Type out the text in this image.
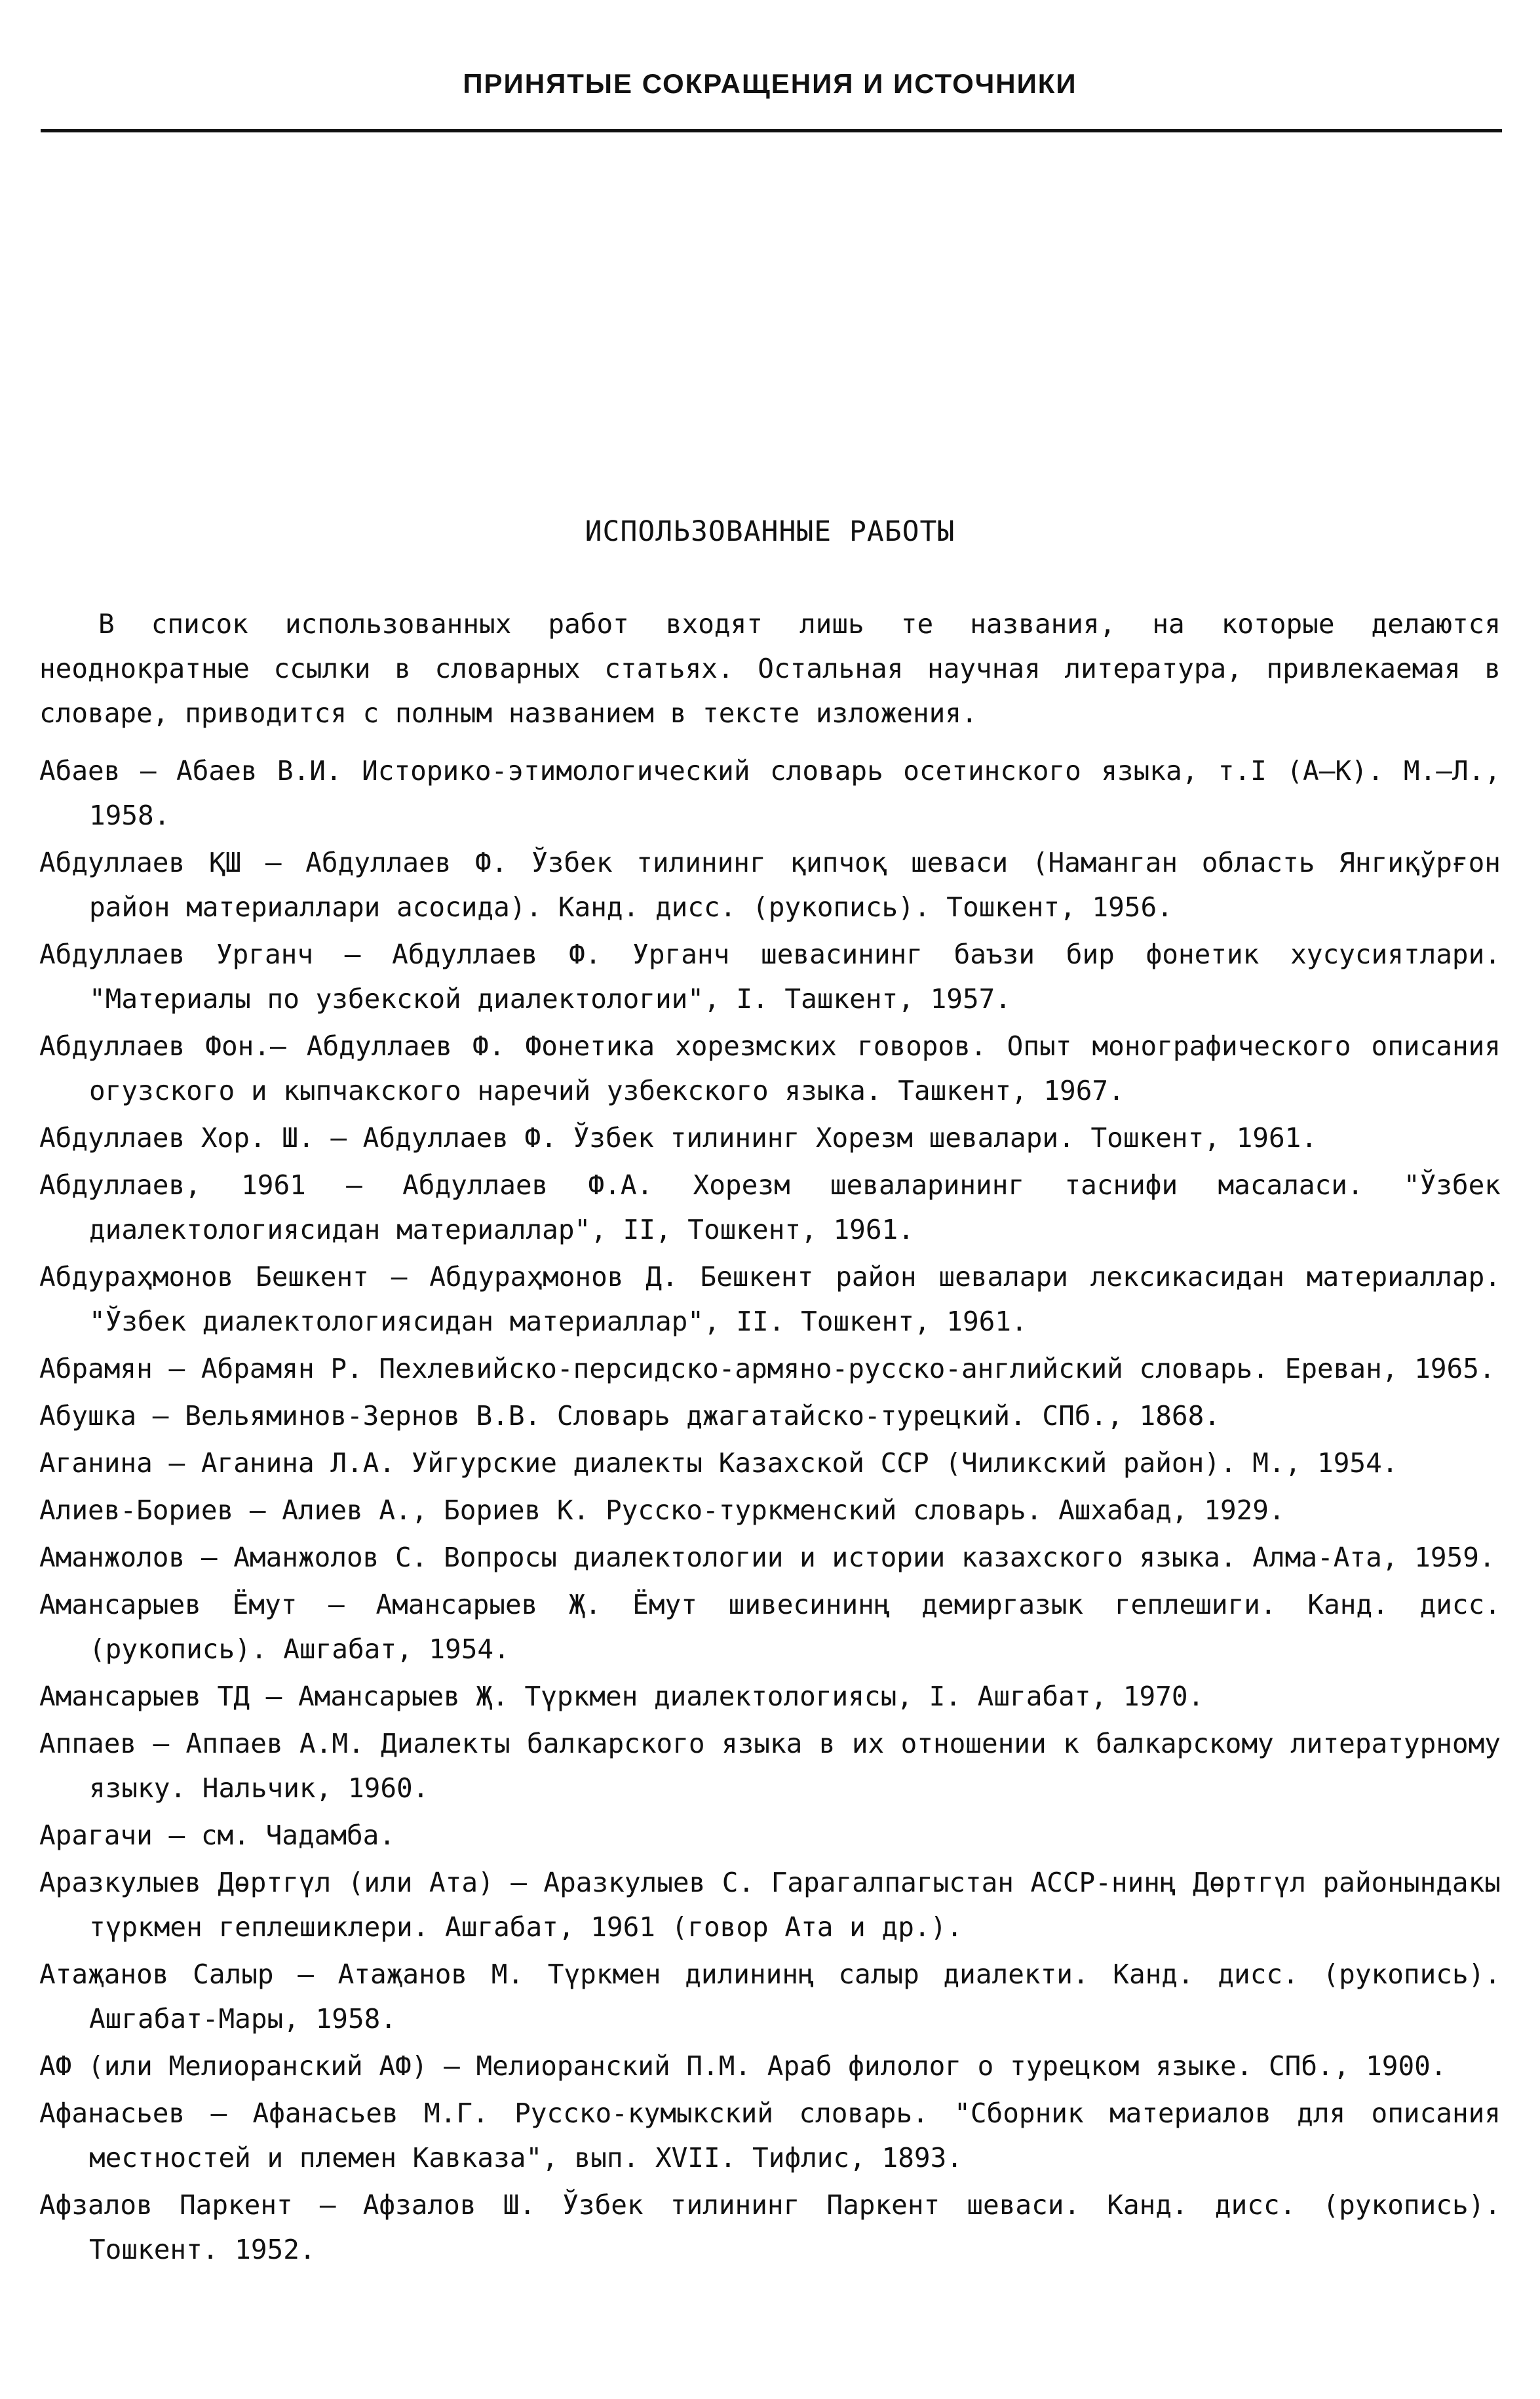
ПРИНЯТЫЕ СОКРАЩЕНИЯ И ИСТОЧНИКИ
ИСПОЛЬЗОВАННЫЕ РАБОТЫ

В список использованных работ входят лишь те названия, на которые делаются неоднократные ссылки в словарных статьях. Остальная научная литература, привлекаемая в словаре, приводится с полным названием в тексте изложения.

Абаев – Абаев В.И. Историко-этимологический словарь осетинского языка, т.I (А–К). М.–Л., 1958.
Абдуллаев ҚШ – Абдуллаев Ф. Ўзбек тилининг қипчоқ шеваси (Наманган область Янгиқўрғон район материаллари асосида). Канд. дисс. (рукопись). Тошкент, 1956.
Абдуллаев Урганч – Абдуллаев Ф. Урганч шевасининг баъзи бир фонетик хусусиятлари. "Материалы по узбекской диалектологии", I. Ташкент, 1957.
Абдуллаев Фон.– Абдуллаев Ф. Фонетика хорезмских говоров. Опыт монографического описания огузского и кыпчакского наречий узбекского языка. Ташкент, 1967.
Абдуллаев Хор. Ш. – Абдуллаев Ф. Ўзбек тилининг Хорезм шевалари. Тошкент, 1961.
Абдуллаев, 1961 – Абдуллаев Ф.А. Хорезм шеваларининг таснифи масаласи. "Ўзбек диалектологиясидан материаллар", II, Тошкент, 1961.
Абдураҳмонов Бешкент – Абдураҳмонов Д. Бешкент район шевалари лексикасидан материаллар. "Ўзбек диалектологиясидан материаллар", II. Тошкент, 1961.
Абрамян – Абрамян Р. Пехлевийско-персидско-армяно-русско-английский словарь. Ереван, 1965.
Абушка – Вельяминов-Зернов В.В. Словарь джагатайско-турецкий. СПб., 1868.
Аганина – Аганина Л.А. Уйгурские диалекты Казахской ССР (Чиликский район). М., 1954.
Алиев-Бориев – Алиев А., Бориев К. Русско-туркменский словарь. Ашхабад, 1929.
Аманжолов – Аманжолов С. Вопросы диалектологии и истории казахского языка. Алма-Ата, 1959.
Амансарыев Ёмут – Амансарыев Җ. Ёмут шивесининң демиргазык геплешиги. Канд. дисс. (рукопись). Ашгабат, 1954.
Амансарыев ТД – Амансарыев Җ. Түркмен диалектологиясы, I. Ашгабат, 1970.
Аппаев – Аппаев А.М. Диалекты балкарского языка в их отношении к балкарскому литературному языку. Нальчик, 1960.
Арагачи – см. Чадамба.
Аразкулыев Дөртгүл (или Ата) – Аразкулыев С. Гарагалпагыстан АССР-нинң Дөртгүл районындакы түркмен геплешиклери. Ашгабат, 1961 (говор Ата и др.).
Атаҗанов Салыр – Атаҗанов М. Түркмен дилининң салыр диалекти. Канд. дисс. (рукопись). Ашгабат-Мары, 1958.
АФ (или Мелиоранский АФ) – Мелиоранский П.М. Араб филолог о турецком языке. СПб., 1900.
Афанасьев – Афанасьев М.Г. Русско-кумыкский словарь. "Сборник материалов для описания местностей и племен Кавказа", вып. XVII. Тифлис, 1893.
Афзалов Паркент – Афзалов Ш. Ўзбек тилининг Паркент шеваси. Канд. дисс. (рукопись). Тошкент. 1952.
